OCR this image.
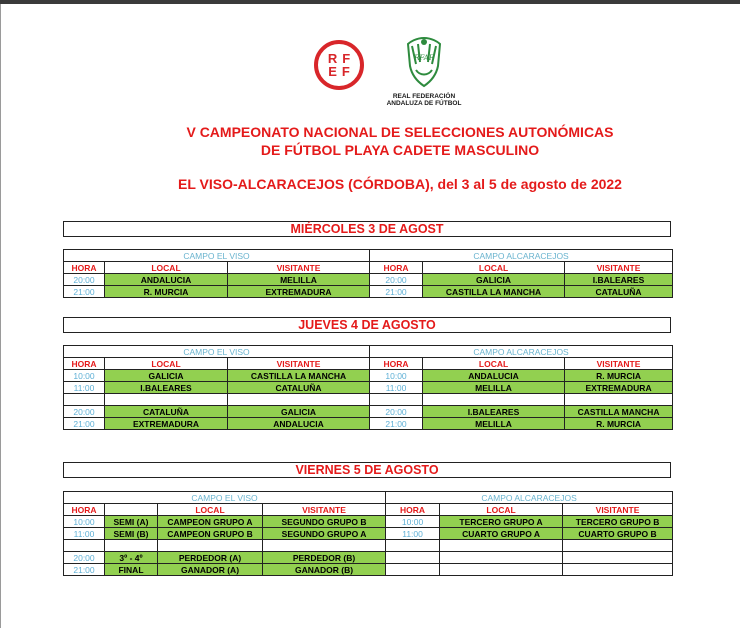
RF
EF
RFAF
REAL FEDERACIÓN
ANDALUZA DE FÚTBOL
V CAMPEONATO NACIONAL DE SELECCIONES AUTONÓMICAS
DE FÚTBOL PLAYA CADETE MASCULINO
EL VISO-ALCARACEJOS (CÓRDOBA), del 3 al 5 de agosto de 2022
MIÉRCOLES 3 DE AGOST
CAMPO EL VISO			CAMPO ALCARACEJOS		
HORA	LOCAL	VISITANTE	HORA	LOCAL	VISITANTE
20:00	ANDALUCIA	MELILLA	20:00	GALICIA	I.BALEARES
21:00	R. MURCIA	EXTREMADURA	21:00	CASTILLA LA MANCHA	CATALUÑA
JUEVES 4 DE AGOSTO
CAMPO EL VISO			CAMPO ALCARACEJOS		
HORA	LOCAL	VISITANTE	HORA	LOCAL	VISITANTE
10:00	GALICIA	CASTILLA LA MANCHA	10:00	ANDALUCIA	R. MURCIA
11:00	I.BALEARES	CATALUÑA	11:00	MELILLA	EXTREMADURA

20:00	CATALUÑA	GALICIA	20:00	I.BALEARES	CASTILLA MANCHA
21:00	EXTREMADURA	ANDALUCIA	21:00	MELILLA	R. MURCIA
VIERNES 5 DE AGOSTO
CAMPO EL VISO				CAMPO ALCARACEJOS		
HORA		LOCAL	VISITANTE	HORA	LOCAL	VISITANTE
10:00	SEMI (A)	CAMPEON GRUPO A	SEGUNDO GRUPO B	10:00	TERCERO GRUPO A	TERCERO GRUPO B
11:00	SEMI (B)	CAMPEON GRUPO B	SEGUNDO GRUPO A	11:00	CUARTO GRUPO A	CUARTO GRUPO B

20:00	3º - 4º	PERDEDOR (A)	PERDEDOR (B)			
21:00	FINAL	GANADOR (A)	GANADOR (B)			
